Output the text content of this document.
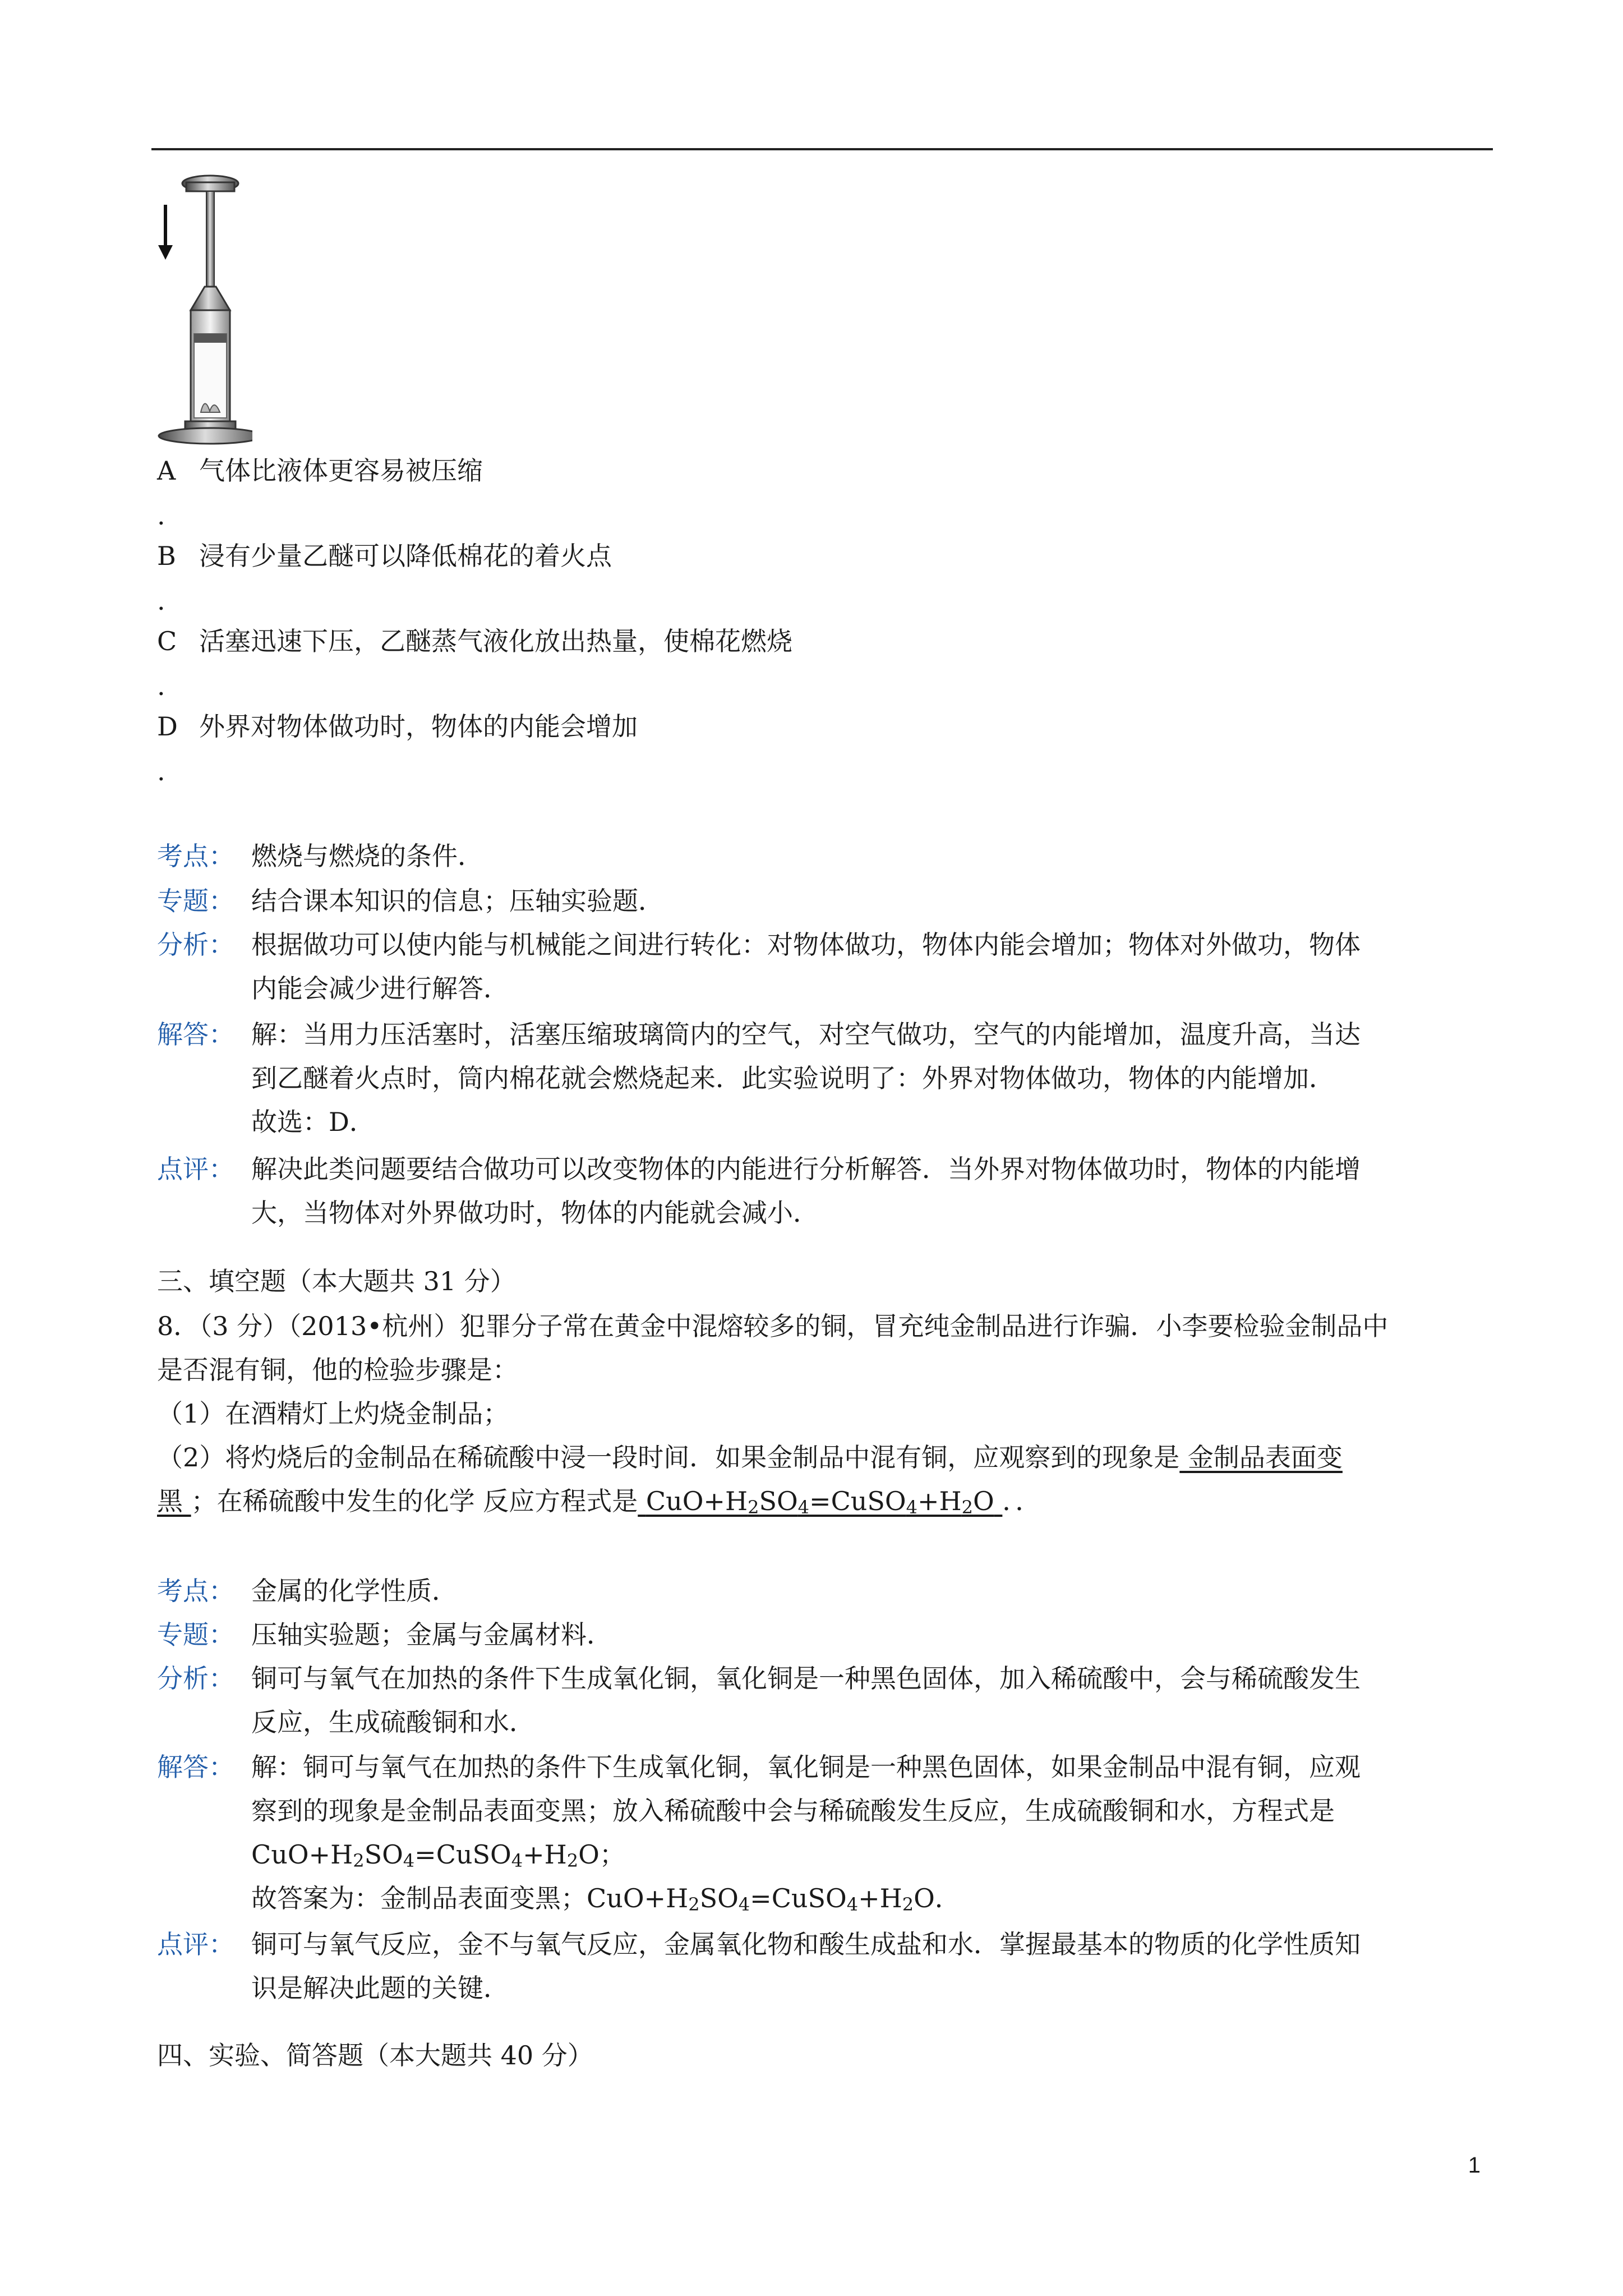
A 气体比液体更容易被压缩
.
B 浸有少量乙醚可以降低棉花的着火点
.
C 活塞迅速下压，乙醚蒸气液化放出热量，使棉花燃烧
.
D 外界对物体做功时，物体的内能会增加
.
考点： 燃烧与燃烧的条件．
专题： 结合课本知识的信息；压轴实验题．
分析： 根据做功可以使内能与机械能之间进行转化：对物体做功，物体内能会增加；物体对外做功，物体
内能会减少进行解答．
解答： 解：当用力压活塞时，活塞压缩玻璃筒内的空气，对空气做功，空气的内能增加，温度升高，当达
到乙醚着火点时，筒内棉花就会燃烧起来．此实验说明了：外界对物体做功，物体的内能增加．
故选：D．
点评： 解决此类问题要结合做功可以改变物体的内能进行分析解答．当外界对物体做功时，物体的内能增
大，当物体对外界做功时，物体的内能就会减小．
三、填空题（本大题共 31 分）
8．（3 分）（2013•杭州）犯罪分子常在黄金中混熔较多的铜，冒充纯金制品进行诈骗．小李要检验金制品中
是否混有铜，他的检验步骤是：
（1）在酒精灯上灼烧金制品；
（2）将灼烧后的金制品在稀硫酸中浸一段时间．如果金制品中混有铜，应观察到的现象是 金制品表面变
黑 ；在稀硫酸中发生的化学 反应方程式是 $CuO+H_2SO_4=CuSO_4+H_2O$ ．．
考点： 金属的化学性质．
专题： 压轴实验题；金属与金属材料．
分析： 铜可与氧气在加热的条件下生成氧化铜，氧化铜是一种黑色固体，加入稀硫酸中，会与稀硫酸发生
反应，生成硫酸铜和水．
解答： 解：铜可与氧气在加热的条件下生成氧化铜，氧化铜是一种黑色固体，如果金制品中混有铜，应观
察到的现象是金制品表面变黑；放入稀硫酸中会与稀硫酸发生反应，生成硫酸铜和水，方程式是
$CuO+H_2SO_4=CuSO_4+H_2O$；
故答案为：金制品表面变黑；$CuO+H_2SO_4=CuSO_4+H_2O$．
点评： 铜可与氧气反应，金不与氧气反应，金属氧化物和酸生成盐和水．掌握最基本的物质的化学性质知
识是解决此题的关键．
四、实验、简答题（本大题共 40 分）
1
